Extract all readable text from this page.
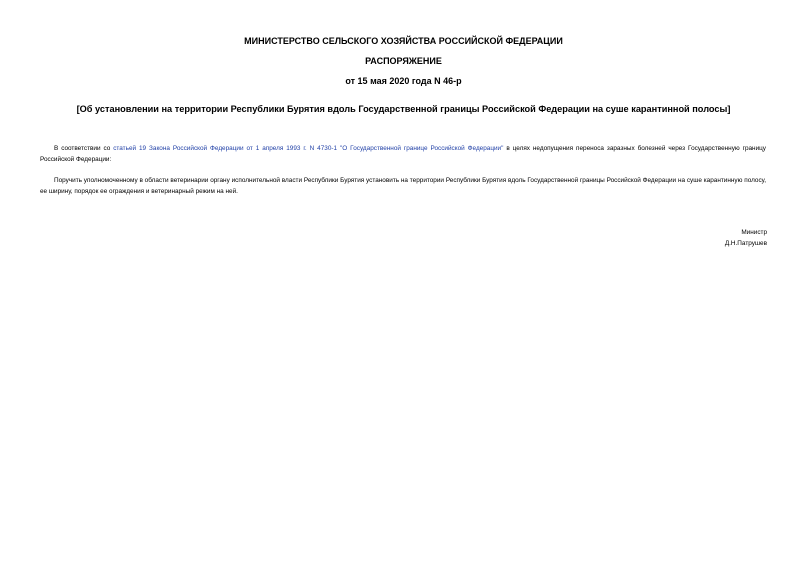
МИНИСТЕРСТВО СЕЛЬСКОГО ХОЗЯЙСТВА РОССИЙСКОЙ ФЕДЕРАЦИИ
РАСПОРЯЖЕНИЕ
от 15 мая 2020 года N 46-р
[Об установлении на территории Республики Бурятия вдоль Государственной границы Российской Федерации на суше карантинной полосы]
В соответствии со статьей 19 Закона Российской Федерации от 1 апреля 1993 г. N 4730-1 "О Государственной границе Российской Федерации" в целях недопущения переноса заразных болезней через Государственную границу Российской Федерации:
Поручить уполномоченному в области ветеринарии органу исполнительной власти Республики Бурятия установить на территории Республики Бурятия вдоль Государственной границы Российской Федерации на суше карантинную полосу, ее ширину, порядок ее ограждения и ветеринарный режим на ней.
Министр
Д.Н.Патрушев
